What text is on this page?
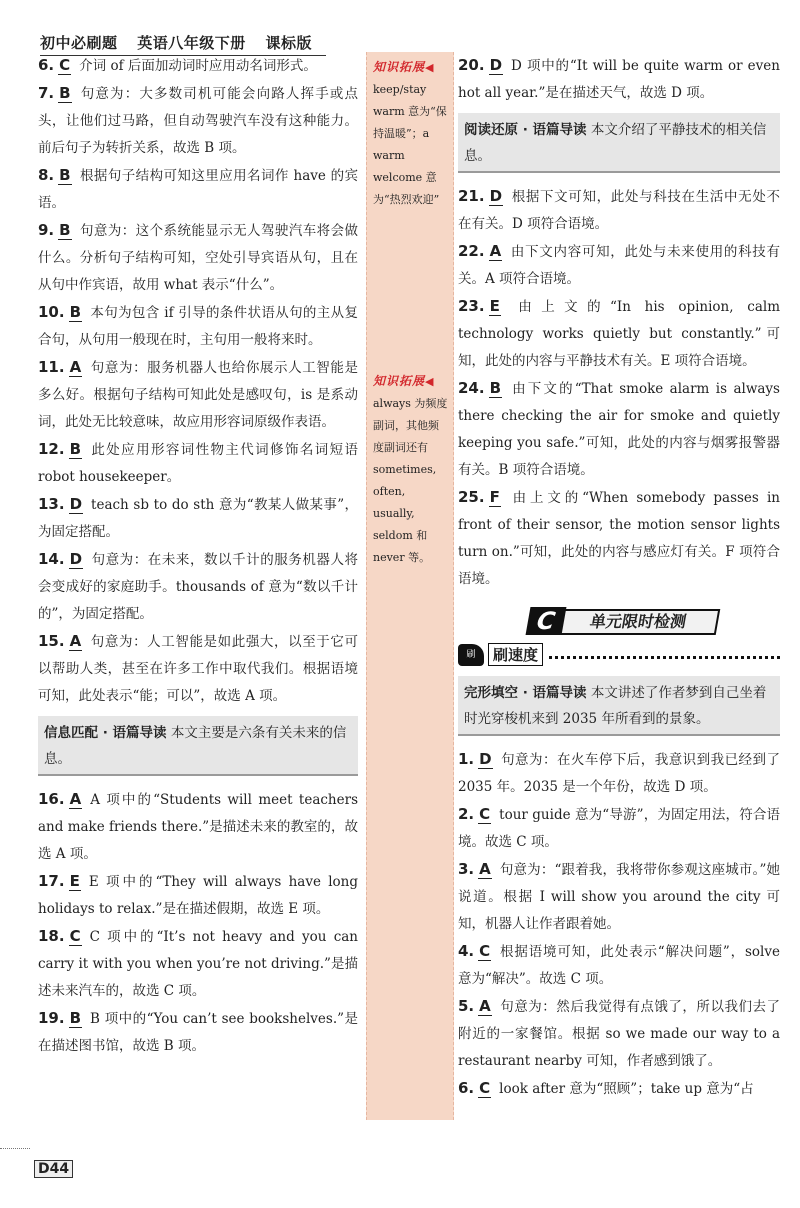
初中必刷题 英语八年级下册 课标版

6. C 介词 of 后面加动词时应用动名词形式。

7. B 句意为：大多数司机可能会向路人挥手或点头，让他们过马路，但自动驾驶汽车没有这种能力。前后句子为转折关系，故选 B 项。

8. B 根据句子结构可知这里应用名词作 have 的宾语。

9. B 句意为：这个系统能显示无人驾驶汽车将会做什么。分析句子结构可知，空处引导宾语从句，且在从句中作宾语，故用 what 表示“什么”。

10. B 本句为包含 if 引导的条件状语从句的主从复合句，从句用一般现在时，主句用一般将来时。

11. A 句意为：服务机器人也给你展示人工智能是多么好。根据句子结构可知此处是感叹句，is 是系动词，此处无比较意味，故应用形容词原级作表语。

12. B 此处应用形容词性物主代词修饰名词短语 robot housekeeper。

13. D teach sb to do sth 意为“教某人做某事”，为固定搭配。

14. D 句意为：在未来，数以千计的服务机器人将会变成好的家庭助手。thousands of 意为“数以千计的”，为固定搭配。

15. A 句意为：人工智能是如此强大，以至于它可以帮助人类，甚至在许多工作中取代我们。根据语境可知，此处表示“能；可以”，故选 A 项。

信息匹配 · 语篇导读 本文主要是六条有关未来的信息。

16. A A 项中的“Students will meet teachers and make friends there.”是描述未来的教室的，故选 A 项。

17. E E 项中的“They will always have long holidays to relax.”是在描述假期，故选 E 项。

18. C C 项中的“It’s not heavy and you can carry it with you when you’re not driving.”是描述未来汽车的，故选 C 项。

19. B B 项中的“You can’t see bookshelves.”是在描述图书馆，故选 B 项。

知识拓展◀
keep/stay warm 意为“保持温暖”；a warm welcome 意为“热烈欢迎”
知识拓展◀
always 为频度副词，其他频度副词还有 sometimes, often, usually, seldom 和 never 等。

20. D D 项中的“It will be quite warm or even hot all year.”是在描述天气，故选 D 项。

阅读还原 · 语篇导读 本文介绍了平静技术的相关信息。

21. D 根据下文可知，此处与科技在生活中无处不在有关。D 项符合语境。

22. A 由下文内容可知，此处与未来使用的科技有关。A 项符合语境。

23. E 由上文的“In his opinion, calm technology works quietly but constantly.”可知，此处的内容与平静技术有关。E 项符合语境。

24. B 由下文的“That smoke alarm is always there checking the air for smoke and quietly keeping you safe.”可知，此处的内容与烟雾报警器有关。B 项符合语境。

25. F 由上文的“When somebody passes in front of their sensor, the motion sensor lights turn on.”可知，此处的内容与感应灯有关。F 项符合语境。

单元限时检测
C
刷	刷速度
完形填空 · 语篇导读 本文讲述了作者梦到自己坐着时光穿梭机来到 2035 年所看到的景象。

1. D 句意为：在火车停下后，我意识到我已经到了 2035 年。2035 是一个年份，故选 D 项。

2. C tour guide 意为“导游”，为固定用法，符合语境。故选 C 项。

3. A 句意为：“跟着我，我将带你参观这座城市。”她说道。根据 I will show you around the city 可知，机器人让作者跟着她。

4. C 根据语境可知，此处表示“解决问题”，solve 意为“解决”。故选 C 项。

5. A 句意为：然后我觉得有点饿了，所以我们去了附近的一家餐馆。根据 so we made our way to a restaurant nearby 可知，作者感到饿了。

6. C look after 意为“照顾”；take up 意为“占

D44
